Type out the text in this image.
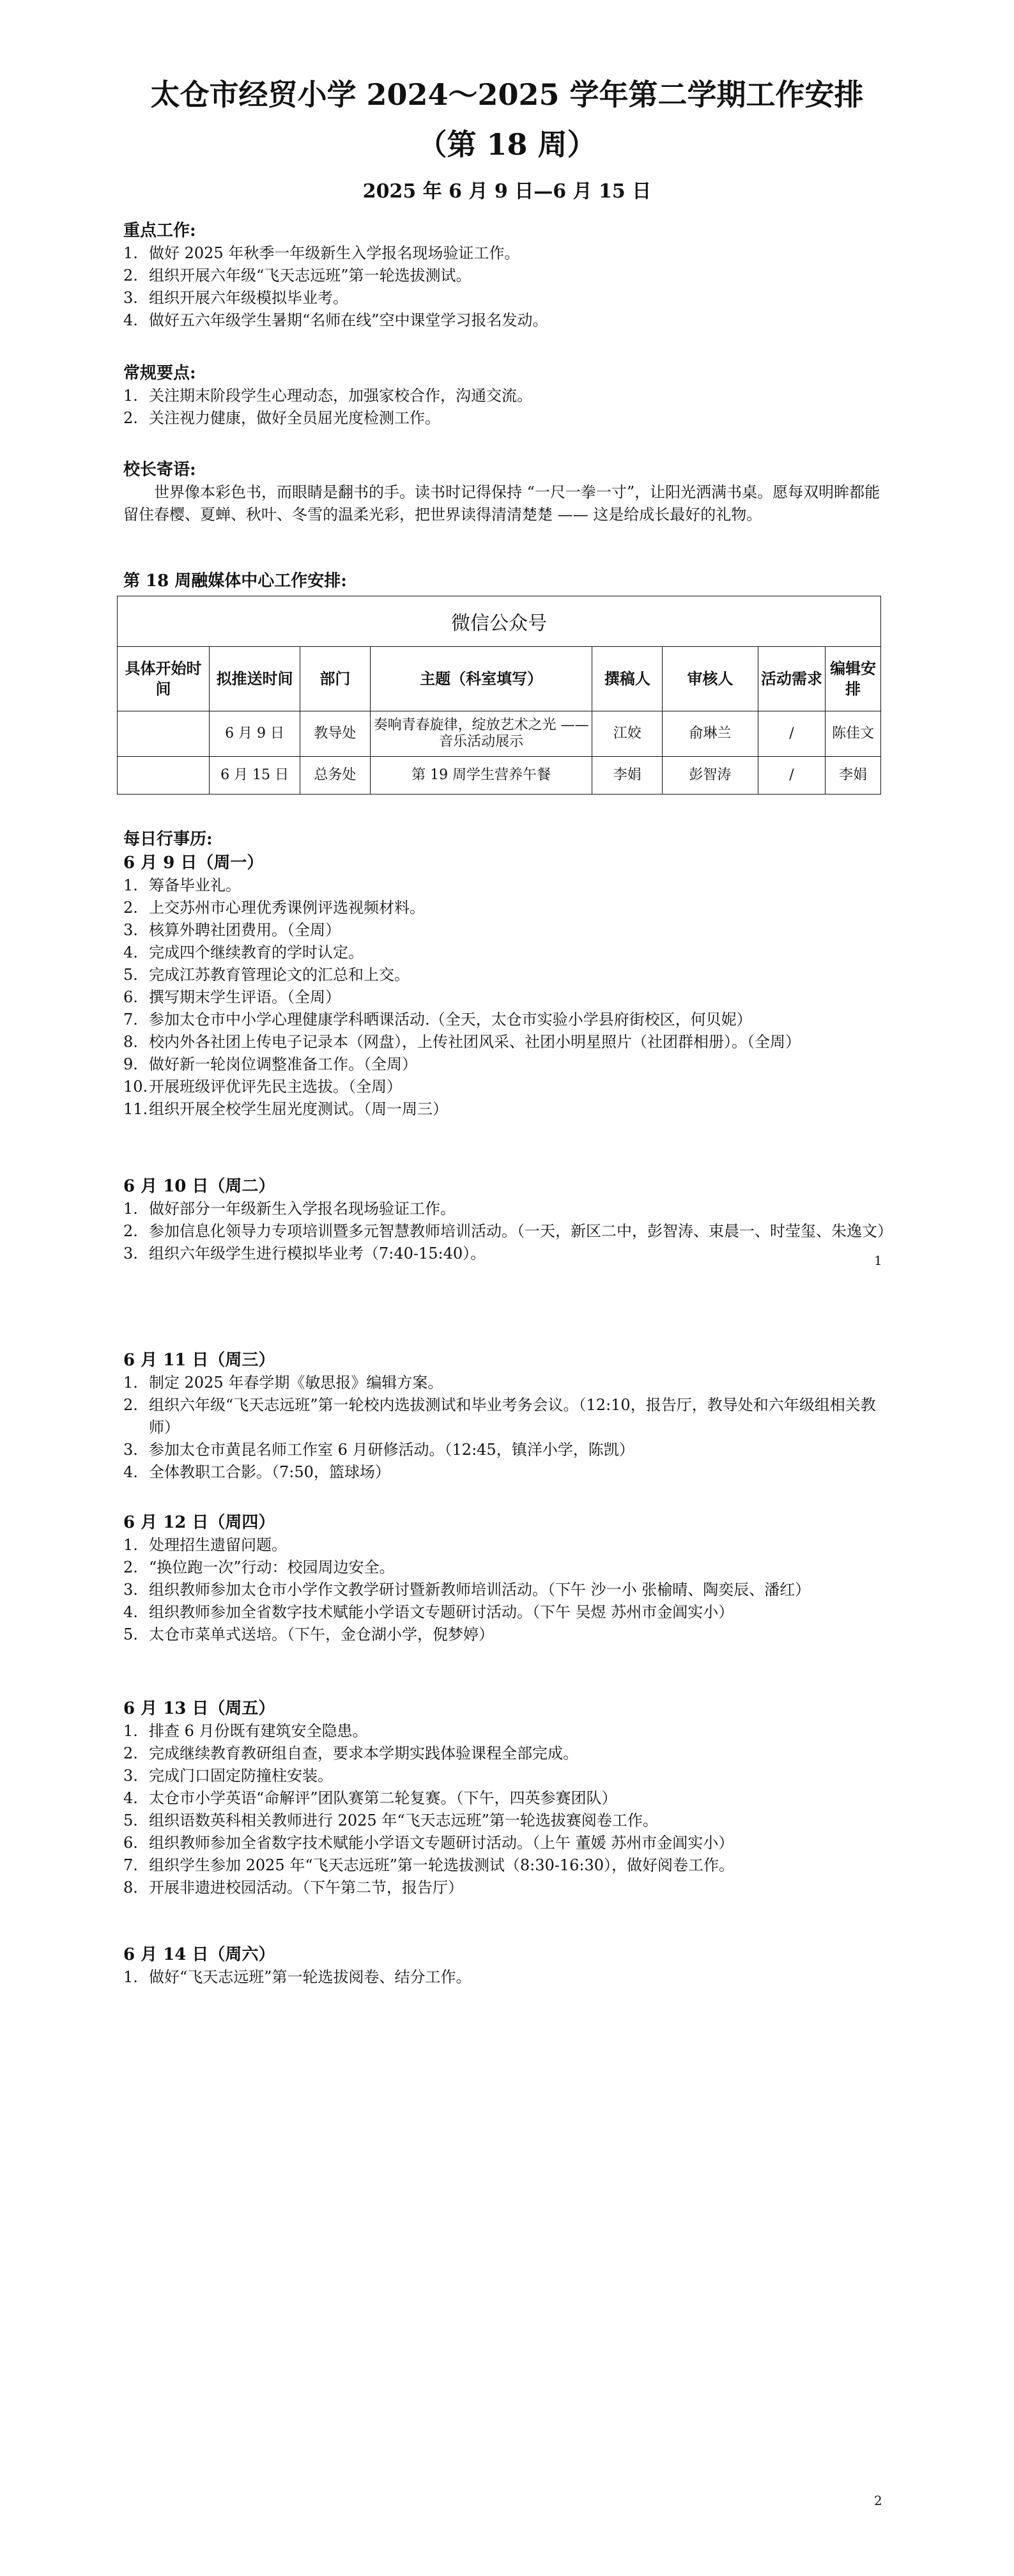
太仓市经贸小学 2024～2025 学年第二学期工作安排
（第 18 周）
2025 年 6 月 9 日—6 月 15 日
重点工作:
1. 做好 2025 年秋季一年级新生入学报名现场验证工作。
2. 组织开展六年级“飞天志远班”第一轮选拔测试。
3. 组织开展六年级模拟毕业考。
4. 做好五六年级学生暑期“名师在线”空中课堂学习报名发动。
常规要点:
1. 关注期末阶段学生心理动态，加强家校合作，沟通交流。
2. 关注视力健康，做好全员屈光度检测工作。
校长寄语:
世界像本彩色书，而眼睛是翻书的手。读书时记得保持 “一尺一拳一寸”，让阳光洒满书桌。愿每双明眸都能留住春樱、夏蝉、秋叶、冬雪的温柔光彩，把世界读得清清楚楚 —— 这是给成长最好的礼物。
第 18 周融媒体中心工作安排:
微信公众号							
具体开始时间	拟推送时间	部门	主题（科室填写）	撰稿人	审核人	活动需求	编辑安排
	6 月 9 日	教导处	奏响青春旋律，绽放艺术之光 —— 音乐活动展示	江姣	俞琳兰	/	陈佳文
	6 月 15 日	总务处	第 19 周学生营养午餐	李娟	彭智涛	/	李娟
每日行事历:
6 月 9 日（周一）
1. 筹备毕业礼。
2. 上交苏州市心理优秀课例评选视频材料。
3. 核算外聘社团费用。（全周）
4. 完成四个继续教育的学时认定。
5. 完成江苏教育管理论文的汇总和上交。
6. 撰写期末学生评语。（全周）
7. 参加太仓市中小学心理健康学科晒课活动.（全天，太仓市实验小学县府街校区，何贝妮）
8. 校内外各社团上传电子记录本（网盘），上传社团风采、社团小明星照片（社团群相册）。（全周）
9. 做好新一轮岗位调整准备工作。（全周）
10. 开展班级评优评先民主选拔。（全周）
11. 组织开展全校学生屈光度测试。（周一周三）
6 月 10 日（周二）
1. 做好部分一年级新生入学报名现场验证工作。
2. 参加信息化领导力专项培训暨多元智慧教师培训活动。（一天，新区二中，彭智涛、束晨一、时莹玺、朱逸文）
3. 组织六年级学生进行模拟毕业考（7:40-15:40）。	1
6 月 11 日（周三）
1. 制定 2025 年春学期《敏思报》编辑方案。
2. 组织六年级“飞天志远班”第一轮校内选拔测试和毕业考务会议。（12:10，报告厅，教导处和六年级组相关教师）
3. 参加太仓市黄昆名师工作室 6 月研修活动。（12:45，镇洋小学，陈凯）
4. 全体教职工合影。（7:50，篮球场）
6 月 12 日（周四）
1. 处理招生遗留问题。
2. “换位跑一次”行动：校园周边安全。
3. 组织教师参加太仓市小学作文教学研讨暨新教师培训活动。（下午 沙一小 张榆晴、陶奕辰、潘红）
4. 组织教师参加全省数字技术赋能小学语文专题研讨活动。（下午 吴煜 苏州市金阊实小）
5. 太仓市菜单式送培。（下午，金仓湖小学，倪梦婷）
6 月 13 日（周五）
1. 排查 6 月份既有建筑安全隐患。
2. 完成继续教育教研组自查，要求本学期实践体验课程全部完成。
3. 完成门口固定防撞柱安装。
4. 太仓市小学英语“命解评”团队赛第二轮复赛。（下午，四英参赛团队）
5. 组织语数英科相关教师进行 2025 年“飞天志远班”第一轮选拔赛阅卷工作。
6. 组织教师参加全省数字技术赋能小学语文专题研讨活动。（上午 董媛 苏州市金阊实小）
7. 组织学生参加 2025 年“飞天志远班”第一轮选拔测试（8:30-16:30），做好阅卷工作。
8. 开展非遗进校园活动。（下午第二节，报告厅）
6 月 14 日（周六）
1. 做好“飞天志远班”第一轮选拔阅卷、结分工作。
2
